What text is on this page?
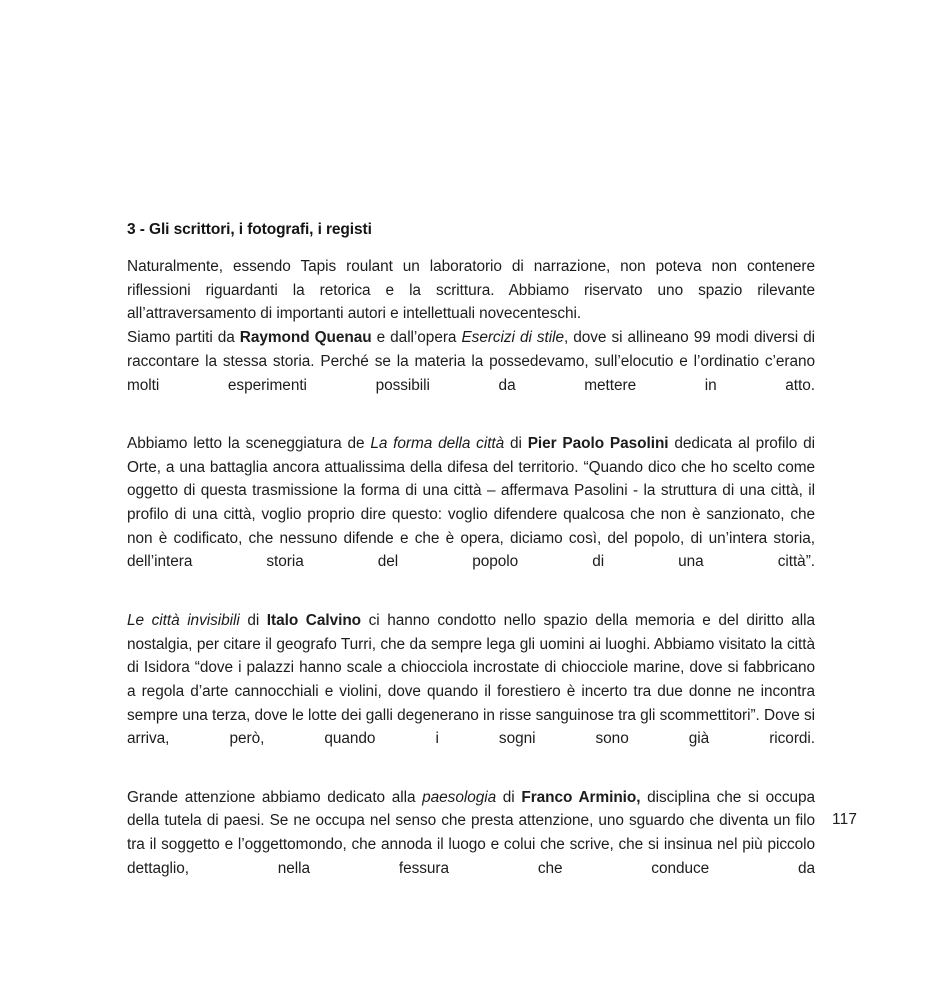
3 - Gli scrittori, i fotografi, i registi

Naturalmente, essendo Tapis roulant un laboratorio di narrazione, non poteva non contenere riflessioni riguardanti la retorica e la scrittura. Abbiamo riservato uno spazio rilevante all’attraversamento di importanti autori e intellettuali novecenteschi.
Siamo partiti da Raymond Quenau e dall’opera Esercizi di stile, dove si allineano 99 modi diversi di raccontare la stessa storia. Perché se la materia la possedevamo, sull’elocutio e l’ordinatio c’erano molti esperimenti possibili da mettere in atto.

Abbiamo letto la sceneggiatura de La forma della città di Pier Paolo Pasolini dedicata al profilo di Orte, a una battaglia ancora attualissima della difesa del territorio. “Quando dico che ho scelto come oggetto di questa trasmissione la forma di una città – affermava Pasolini - la struttura di una città, il profilo di una città, voglio proprio dire questo: voglio difendere qualcosa che non è sanzionato, che non è codificato, che nessuno difende e che è opera, diciamo così, del popolo, di un’intera storia, dell’intera storia del popolo di una città”.

Le città invisibili di Italo Calvino ci hanno condotto nello spazio della memoria e del diritto alla nostalgia, per citare il geografo Turri, che da sempre lega gli uomini ai luoghi. Abbiamo visitato la città di Isidora “dove i palazzi hanno scale a chiocciola incrostate di chiocciole marine, dove si fabbricano a regola d’arte cannocchiali e violini, dove quando il forestiero è incerto tra due donne ne incontra sempre una terza, dove le lotte dei galli degenerano in risse sanguinose tra gli scommettitori”. Dove si arriva, però, quando i sogni sono già ricordi.

Grande attenzione abbiamo dedicato alla paesologia di Franco Arminio, disciplina che si occupa della tutela di paesi. Se ne occupa nel senso che presta attenzione, uno sguardo che diventa un filo tra il soggetto e l’oggettomondo, che annoda il luogo e colui che scrive, che si insinua nel più piccolo dettaglio, nella fessura che conduce da

117
